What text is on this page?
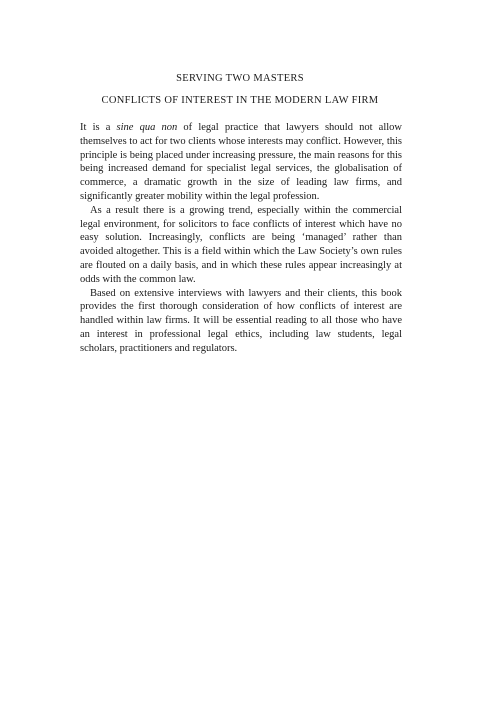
SERVING TWO MASTERS
CONFLICTS OF INTEREST IN THE MODERN LAW FIRM

It is a sine qua non of legal practice that lawyers should not allow themselves to act for two clients whose interests may conflict. However, this principle is being placed under increasing pressure, the main reasons for this being increased demand for specialist legal services, the globalisation of commerce, a dramatic growth in the size of leading law firms, and significantly greater mobility within the legal profession.

As a result there is a growing trend, especially within the commercial legal environment, for solicitors to face conflicts of interest which have no easy solution. Increasingly, conflicts are being ‘managed’ rather than avoided altogether. This is a field within which the Law Society’s own rules are flouted on a daily basis, and in which these rules appear increasingly at odds with the common law.

Based on extensive interviews with lawyers and their clients, this book provides the first thorough consideration of how conflicts of interest are handled within law firms. It will be essential reading to all those who have an interest in professional legal ethics, including law students, legal scholars, practitioners and regulators.
